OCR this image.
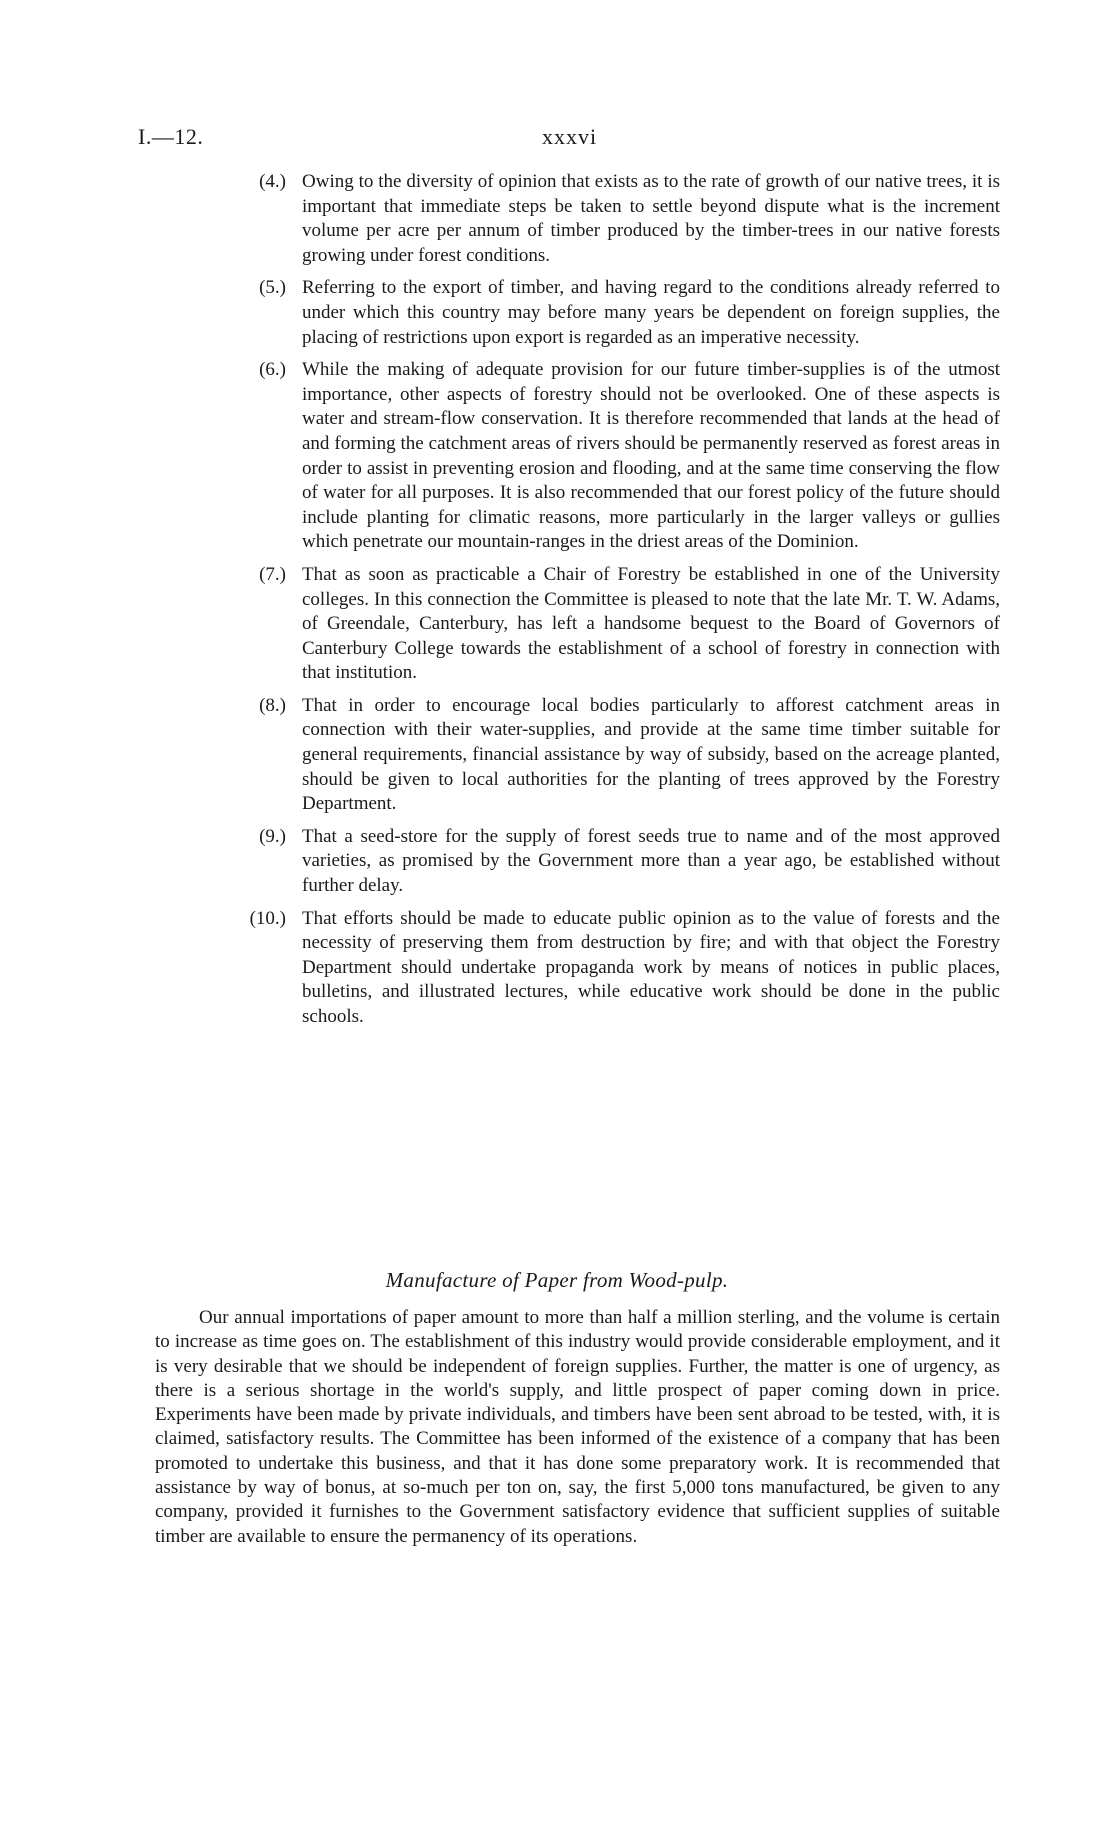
I.—12.	xxxvi
(4.) Owing to the diversity of opinion that exists as to the rate of growth of our native trees, it is important that immediate steps be taken to settle beyond dispute what is the increment volume per acre per annum of timber produced by the timber-trees in our native forests growing under forest conditions.
(5.) Referring to the export of timber, and having regard to the conditions already referred to under which this country may before many years be dependent on foreign supplies, the placing of restrictions upon export is regarded as an imperative necessity.
(6.) While the making of adequate provision for our future timber-supplies is of the utmost importance, other aspects of forestry should not be overlooked. One of these aspects is water and stream-flow conservation. It is therefore recommended that lands at the head of and forming the catchment areas of rivers should be permanently reserved as forest areas in order to assist in preventing erosion and flooding, and at the same time conserving the flow of water for all purposes. It is also recommended that our forest policy of the future should include planting for climatic reasons, more particularly in the larger valleys or gullies which penetrate our mountain-ranges in the driest areas of the Dominion.
(7.) That as soon as practicable a Chair of Forestry be established in one of the University colleges. In this connection the Committee is pleased to note that the late Mr. T. W. Adams, of Greendale, Canterbury, has left a handsome bequest to the Board of Governors of Canterbury College towards the establishment of a school of forestry in connection with that institution.
(8.) That in order to encourage local bodies particularly to afforest catchment areas in connection with their water-supplies, and provide at the same time timber suitable for general requirements, financial assistance by way of subsidy, based on the acreage planted, should be given to local authorities for the planting of trees approved by the Forestry Department.
(9.) That a seed-store for the supply of forest seeds true to name and of the most approved varieties, as promised by the Government more than a year ago, be established without further delay.
(10.) That efforts should be made to educate public opinion as to the value of forests and the necessity of preserving them from destruction by fire; and with that object the Forestry Department should undertake propaganda work by means of notices in public places, bulletins, and illustrated lectures, while educative work should be done in the public schools.
Manufacture of Paper from Wood-pulp.
Our annual importations of paper amount to more than half a million sterling, and the volume is certain to increase as time goes on. The establishment of this industry would provide considerable employment, and it is very desirable that we should be independent of foreign supplies. Further, the matter is one of urgency, as there is a serious shortage in the world's supply, and little prospect of paper coming down in price. Experiments have been made by private individuals, and timbers have been sent abroad to be tested, with, it is claimed, satisfactory results. The Committee has been informed of the existence of a company that has been promoted to undertake this business, and that it has done some preparatory work. It is recommended that assistance by way of bonus, at so-much per ton on, say, the first 5,000 tons manufactured, be given to any company, provided it furnishes to the Government satisfactory evidence that sufficient supplies of suitable timber are available to ensure the permanency of its operations.
